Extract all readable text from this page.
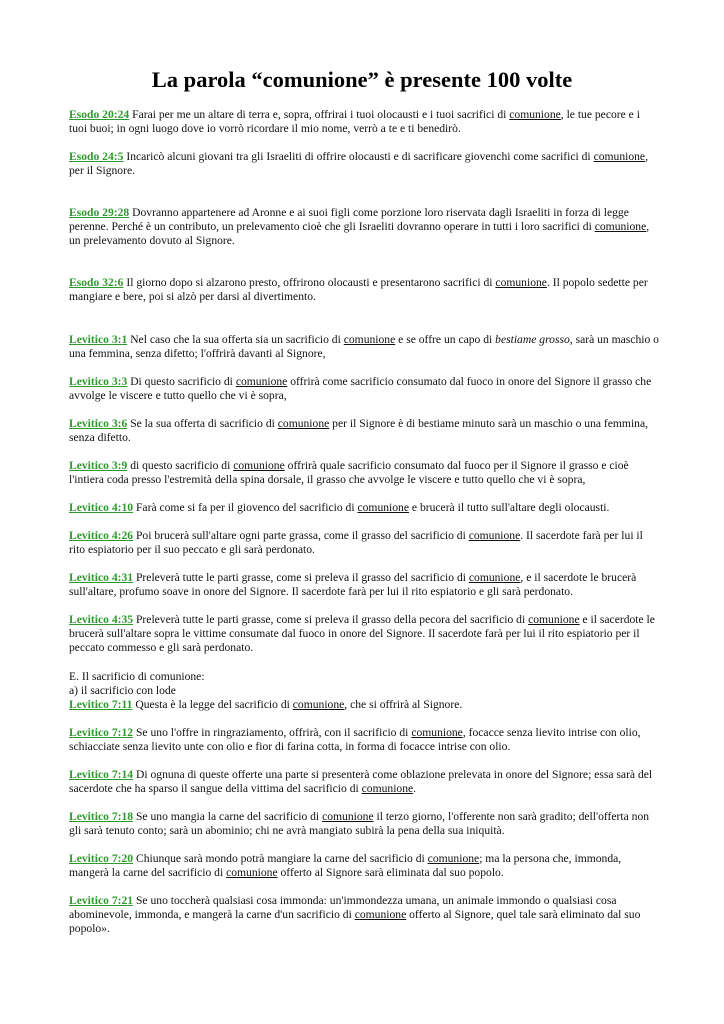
La parola “comunione” è presente 100 volte

Esodo 20:24 Farai per me un altare di terra e, sopra, offrirai i tuoi olocausti e i tuoi sacrifici di comunione, le tue pecore e i tuoi buoi; in ogni luogo dove io vorrò ricordare il mio nome, verrò a te e ti benedirò.

Esodo 24:5 Incaricò alcuni giovani tra gli Israeliti di offrire olocausti e di sacrificare giovenchi come sacrifici di comunione, per il Signore.

Esodo 29:28 Dovranno appartenere ad Aronne e ai suoi figli come porzione loro riservata dagli Israeliti in forza di legge perenne. Perché è un contributo, un prelevamento cioè che gli Israeliti dovranno operare in tutti i loro sacrifici di comunione, un prelevamento dovuto al Signore.

Esodo 32:6 Il giorno dopo si alzarono presto, offrirono olocausti e presentarono sacrifici di comunione. Il popolo sedette per mangiare e bere, poi si alzò per darsi al divertimento.

Levitico 3:1 Nel caso che la sua offerta sia un sacrificio di comunione e se offre un capo di bestiame grosso, sarà un maschio o una femmina, senza difetto; l'offrirà davanti al Signore,

Levitico 3:3 Di questo sacrificio di comunione offrirà come sacrificio consumato dal fuoco in onore del Signore il grasso che avvolge le viscere e tutto quello che vi è sopra,

Levitico 3:6 Se la sua offerta di sacrificio di comunione per il Signore è di bestiame minuto sarà un maschio o una femmina, senza difetto.

Levitico 3:9 di questo sacrificio di comunione offrirà quale sacrificio consumato dal fuoco per il Signore il grasso e cioè l'intiera coda presso l'estremità della spina dorsale, il grasso che avvolge le viscere e tutto quello che vi è sopra,

Levitico 4:10 Farà come si fa per il giovenco del sacrificio di comunione e brucerà il tutto sull'altare degli olocausti.

Levitico 4:26 Poi brucerà sull'altare ogni parte grassa, come il grasso del sacrificio di comunione. Il sacerdote farà per lui il rito espiatorio per il suo peccato e gli sarà perdonato.

Levitico 4:31 Preleverà tutte le parti grasse, come si preleva il grasso del sacrificio di comunione, e il sacerdote le brucerà sull'altare, profumo soave in onore del Signore. Il sacerdote farà per lui il rito espiatorio e gli sarà perdonato.

Levitico 4:35 Preleverà tutte le parti grasse, come si preleva il grasso della pecora del sacrificio di comunione e il sacerdote le brucerà sull'altare sopra le vittime consumate dal fuoco in onore del Signore. Il sacerdote farà per lui il rito espiatorio per il peccato commesso e gli sarà perdonato.

E. Il sacrificio di comunione:

a) il sacrificio con lode

Levitico 7:11 Questa è la legge del sacrificio di comunione, che si offrirà al Signore.

Levitico 7:12 Se uno l'offre in ringraziamento, offrirà, con il sacrificio di comunione, focacce senza lievito intrise con olio, schiacciate senza lievito unte con olio e fior di farina cotta, in forma di focacce intrise con olio.

Levitico 7:14 Di ognuna di queste offerte una parte si presenterà come oblazione prelevata in onore del Signore; essa sarà del sacerdote che ha sparso il sangue della vittima del sacrificio di comunione.

Levitico 7:18 Se uno mangia la carne del sacrificio di comunione il terzo giorno, l'offerente non sarà gradito; dell'offerta non gli sarà tenuto conto; sarà un abominio; chi ne avrà mangiato subirà la pena della sua iniquità.

Levitico 7:20 Chiunque sarà mondo potrà mangiare la carne del sacrificio di comunione; ma la persona che, immonda, mangerà la carne del sacrificio di comunione offerto al Signore sarà eliminata dal suo popolo.

Levitico 7:21 Se uno toccherà qualsiasi cosa immonda: un'immondezza umana, un animale immondo o qualsiasi cosa abominevole, immonda, e mangerà la carne d'un sacrificio di comunione offerto al Signore, quel tale sarà eliminato dal suo popolo».
